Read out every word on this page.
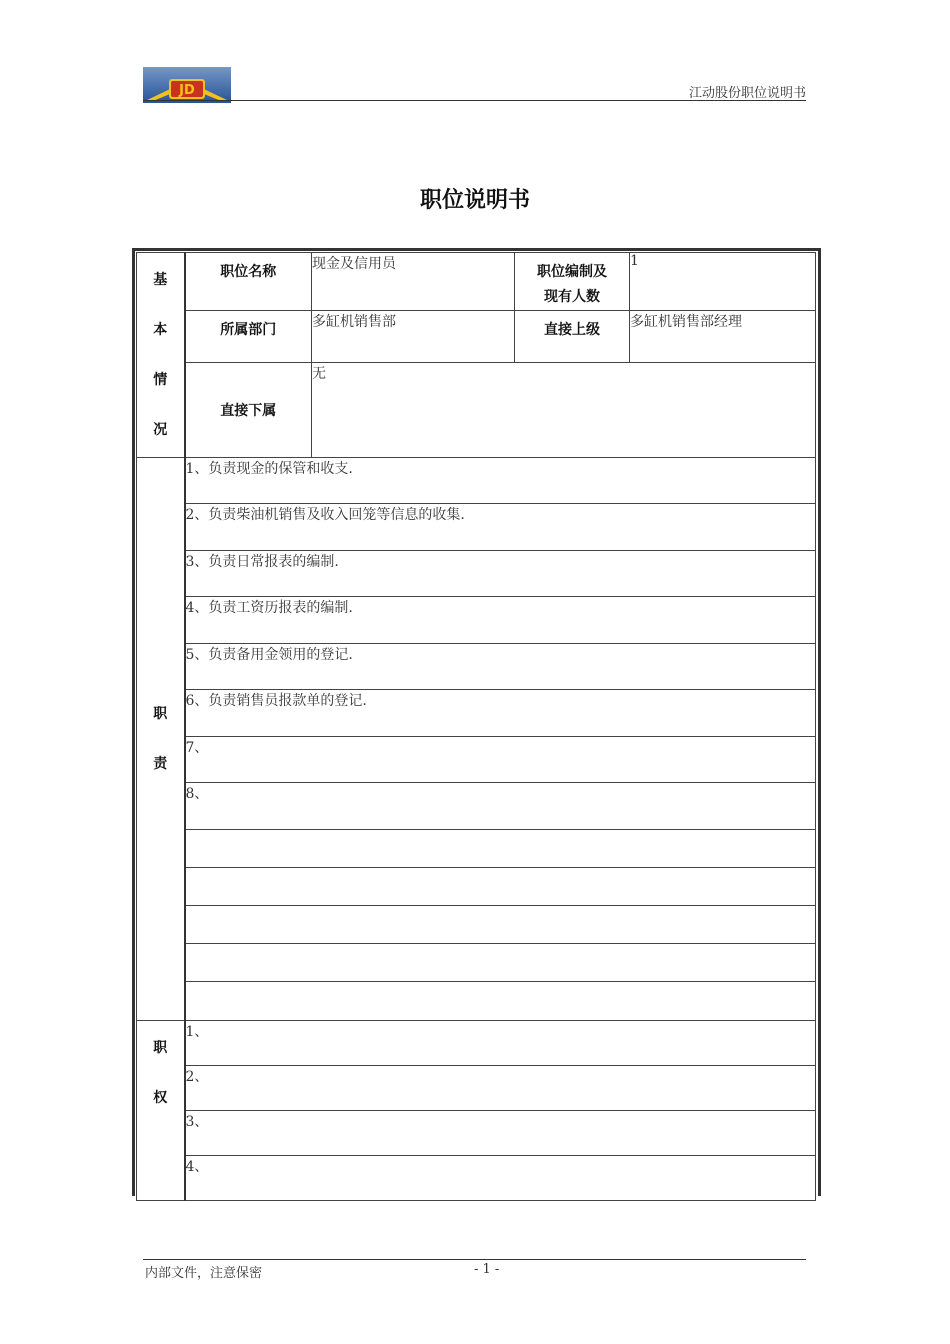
JD	江动股份职位说明书
职位说明书
基
本
情
况	职位名称	现金及信用员	职位编制及
现有人数	1
	所属部门	多缸机销售部	直接上级	多缸机销售部经理
	直接下属	无		

职
责	1、负责现金的保管和收支.			
	2、负责柴油机销售及收入回笼等信息的收集.			
	3、负责日常报表的编制.			
	4、负责工资历报表的编制.			
	5、负责备用金领用的登记.			
	6、负责销售员报款单的登记.			
	7、			
	8、			

职
权	1、			
	2、			
	3、			
	4、			
内部文件，注意保密	- 1 -
